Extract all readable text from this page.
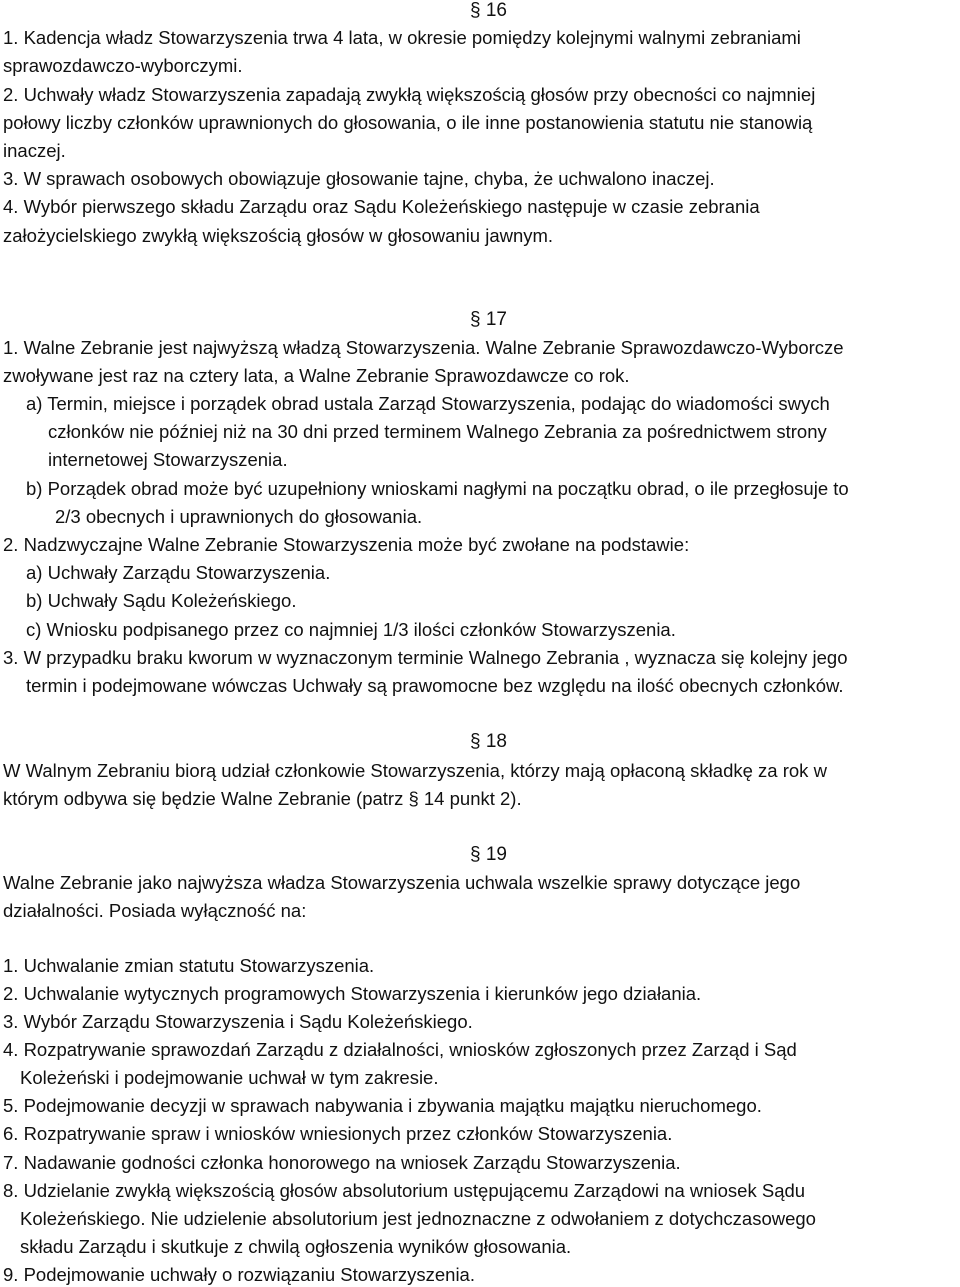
§ 16
1. Kadencja władz Stowarzyszenia trwa 4 lata, w okresie pomiędzy kolejnymi walnymi zebraniami
sprawozdawczo-wyborczymi.
2. Uchwały władz Stowarzyszenia zapadają zwykłą większością głosów przy obecności co najmniej
połowy liczby członków uprawnionych do głosowania, o ile inne postanowienia statutu nie stanowią
inaczej.
3. W sprawach osobowych obowiązuje głosowanie tajne, chyba, że uchwalono inaczej.
4. Wybór pierwszego składu Zarządu oraz Sądu Koleżeńskiego następuje w czasie zebrania
założycielskiego zwykłą większością głosów w głosowaniu jawnym.
§ 17
1. Walne Zebranie jest najwyższą władzą Stowarzyszenia. Walne Zebranie Sprawozdawczo-Wyborcze
zwoływane jest raz na cztery lata, a Walne Zebranie Sprawozdawcze co rok.
a) Termin, miejsce i porządek obrad ustala Zarząd Stowarzyszenia, podając do wiadomości swych
członków nie później niż na 30 dni przed terminem Walnego Zebrania za pośrednictwem strony
internetowej Stowarzyszenia.
b) Porządek obrad może być uzupełniony wnioskami nagłymi na początku obrad, o ile przegłosuje to
2/3 obecnych i uprawnionych do głosowania.
2. Nadzwyczajne Walne Zebranie Stowarzyszenia może być zwołane na podstawie:
a) Uchwały Zarządu Stowarzyszenia.
b) Uchwały Sądu Koleżeńskiego.
c) Wniosku podpisanego przez co najmniej 1/3 ilości członków Stowarzyszenia.
3. W przypadku braku kworum w wyznaczonym terminie Walnego Zebrania , wyznacza się kolejny jego
termin i podejmowane wówczas Uchwały są prawomocne bez względu na ilość obecnych członków.
§ 18
W Walnym Zebraniu biorą udział członkowie Stowarzyszenia, którzy mają opłaconą składkę za rok w
którym odbywa się będzie Walne Zebranie (patrz § 14 punkt 2).
§ 19
Walne Zebranie jako najwyższa władza Stowarzyszenia uchwala wszelkie sprawy dotyczące jego
działalności. Posiada wyłączność na:
1. Uchwalanie zmian statutu Stowarzyszenia.
2. Uchwalanie wytycznych programowych Stowarzyszenia i kierunków jego działania.
3. Wybór Zarządu Stowarzyszenia i Sądu Koleżeńskiego.
4. Rozpatrywanie sprawozdań Zarządu z działalności, wniosków zgłoszonych przez Zarząd i Sąd
Koleżeński i podejmowanie uchwał w tym zakresie.
5. Podejmowanie decyzji w sprawach nabywania i zbywania majątku majątku nieruchomego.
6. Rozpatrywanie spraw i wniosków wniesionych przez członków Stowarzyszenia.
7. Nadawanie godności członka honorowego na wniosek Zarządu Stowarzyszenia.
8. Udzielanie zwykłą większością głosów absolutorium ustępującemu Zarządowi na wniosek Sądu
Koleżeńskiego. Nie udzielenie absolutorium jest jednoznaczne z odwołaniem z dotychczasowego
składu Zarządu i skutkuje z chwilą ogłoszenia wyników głosowania.
9. Podejmowanie uchwały o rozwiązaniu Stowarzyszenia.
